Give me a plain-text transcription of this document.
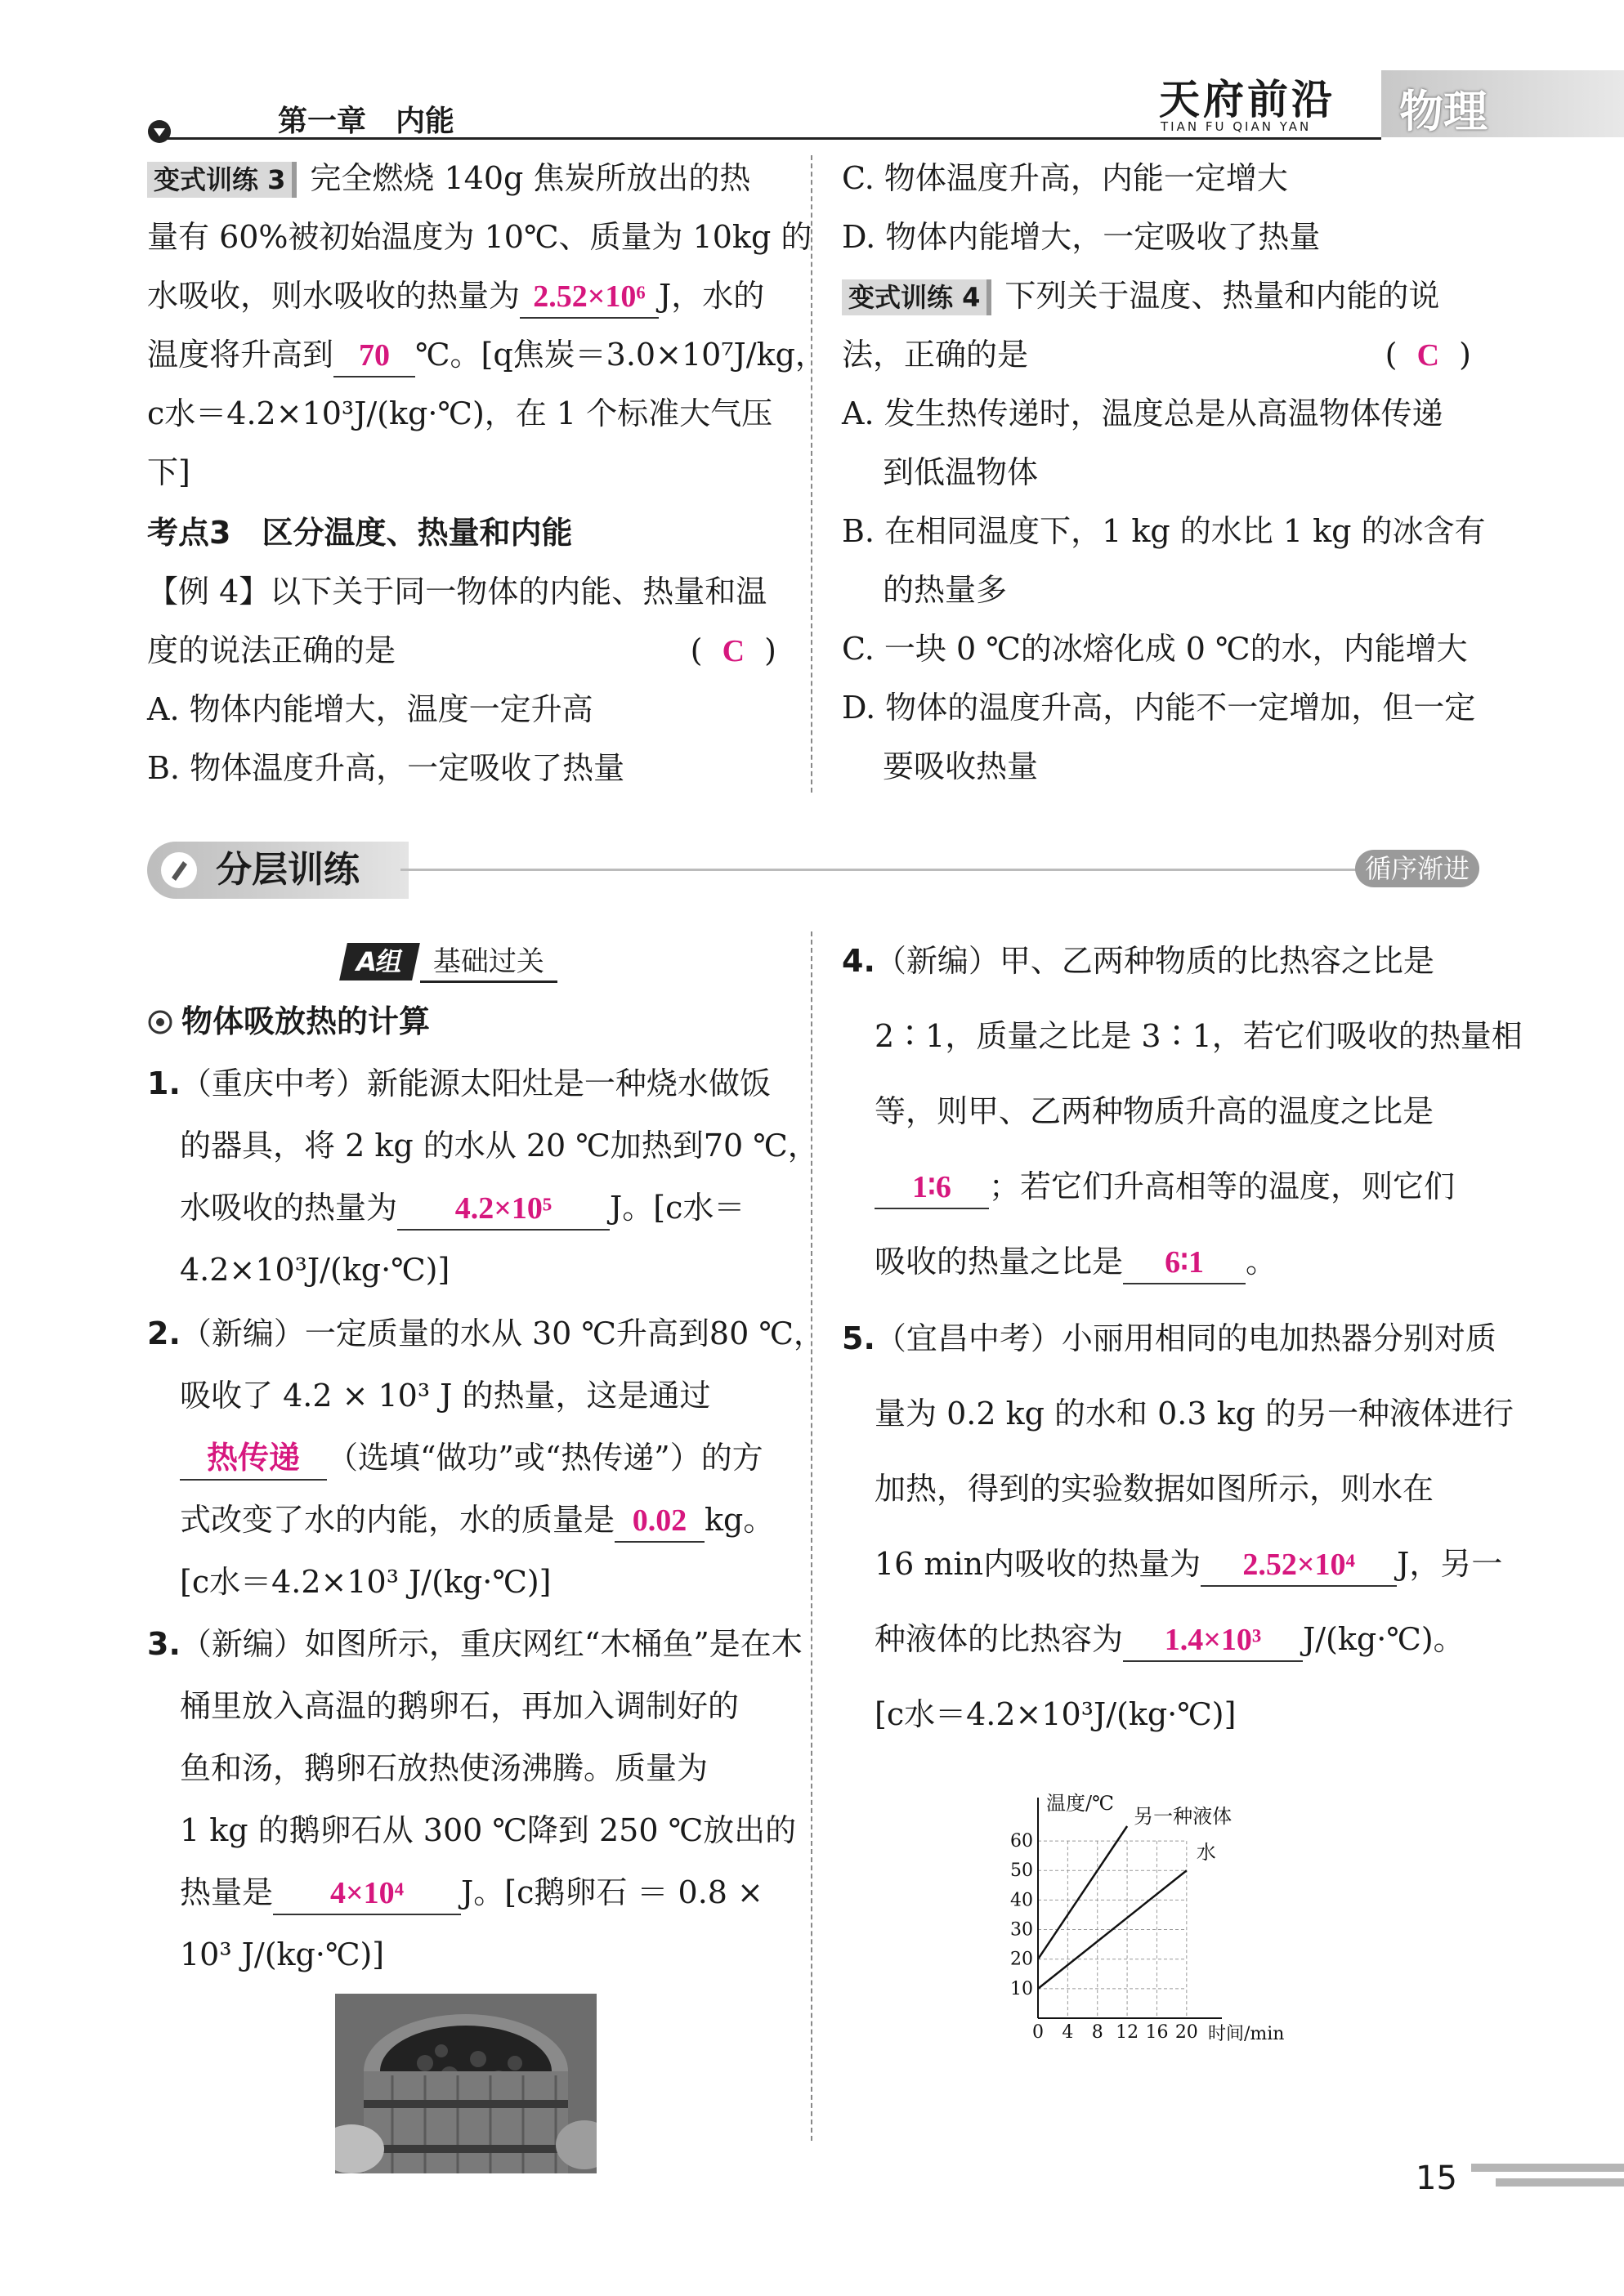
第一章　内能	天府前沿
TIAN FU QIAN YAN 物理
变式训练 3 完全燃烧 140g 焦炭所放出的热
量有 60%被初始温度为 10℃、质量为 10kg 的
水吸收，则水吸收的热量为 2.52×10⁶ J，水的
温度将升高到 70 ℃。[q焦炭＝3.0×10⁷J/kg，
c水＝4.2×10³J/(kg·℃)，在 1 个标准大气压
下]
考点3　区分温度、热量和内能
【例 4】以下关于同一物体的内能、热量和温
度的说法正确的是	(  C  )
A. 物体内能增大，温度一定升高
B. 物体温度升高，一定吸收了热量
C. 物体温度升高，内能一定增大
D. 物体内能增大，一定吸收了热量
变式训练 4 下列关于温度、热量和内能的说
法，正确的是	(  C  )
A. 发生热传递时，温度总是从高温物体传递
到低温物体
B. 在相同温度下，1 kg 的水比 1 kg 的冰含有
的热量多
C. 一块 0 ℃的冰熔化成 0 ℃的水，内能增大
D. 物体的温度升高，内能不一定增加，但一定
要吸收热量
分层训练	循序渐进
A组 基础过关
物体吸放热的计算
1.（重庆中考）新能源太阳灶是一种烧水做饭
的器具，将 2 kg 的水从 20 ℃加热到70 ℃，
水吸收的热量为 4.2×10⁵ J。[c水＝
4.2×10³J/(kg·℃)]
2.（新编）一定质量的水从 30 ℃升高到80 ℃，
吸收了 4.2 × 10³ J 的热量，这是通过
热传递 （选填“做功”或“热传递”）的方
式改变了水的内能，水的质量是 0.02 kg。
[c水＝4.2×10³ J/(kg·℃)]
3.（新编）如图所示，重庆网红“木桶鱼”是在木
桶里放入高温的鹅卵石，再加入调制好的
鱼和汤，鹅卵石放热使汤沸腾。质量为
1 kg 的鹅卵石从 300 ℃降到 250 ℃放出的
热量是 4×10⁴ J。[c鹅卵石 ＝ 0.8 ×
10³ J/(kg·℃)]
4.（新编）甲、乙两种物质的比热容之比是
2∶1，质量之比是 3∶1，若它们吸收的热量相
等，则甲、乙两种物质升高的温度之比是
1∶6 ；若它们升高相等的温度，则它们
吸收的热量之比是 6∶1 。
5.（宜昌中考）小丽用相同的电加热器分别对质
量为 0.2 kg 的水和 0.3 kg 的另一种液体进行
加热，得到的实验数据如图所示，则水在
16 min内吸收的热量为 2.52×10⁴ J，另一
种液体的比热容为 1.4×10³ J/(kg·℃)。
[c水＝4.2×10³J/(kg·℃)]
0 4 8 12 16 20
10
20
30
40
50
60
温度/℃
时间/min
另一种液体
水
15
